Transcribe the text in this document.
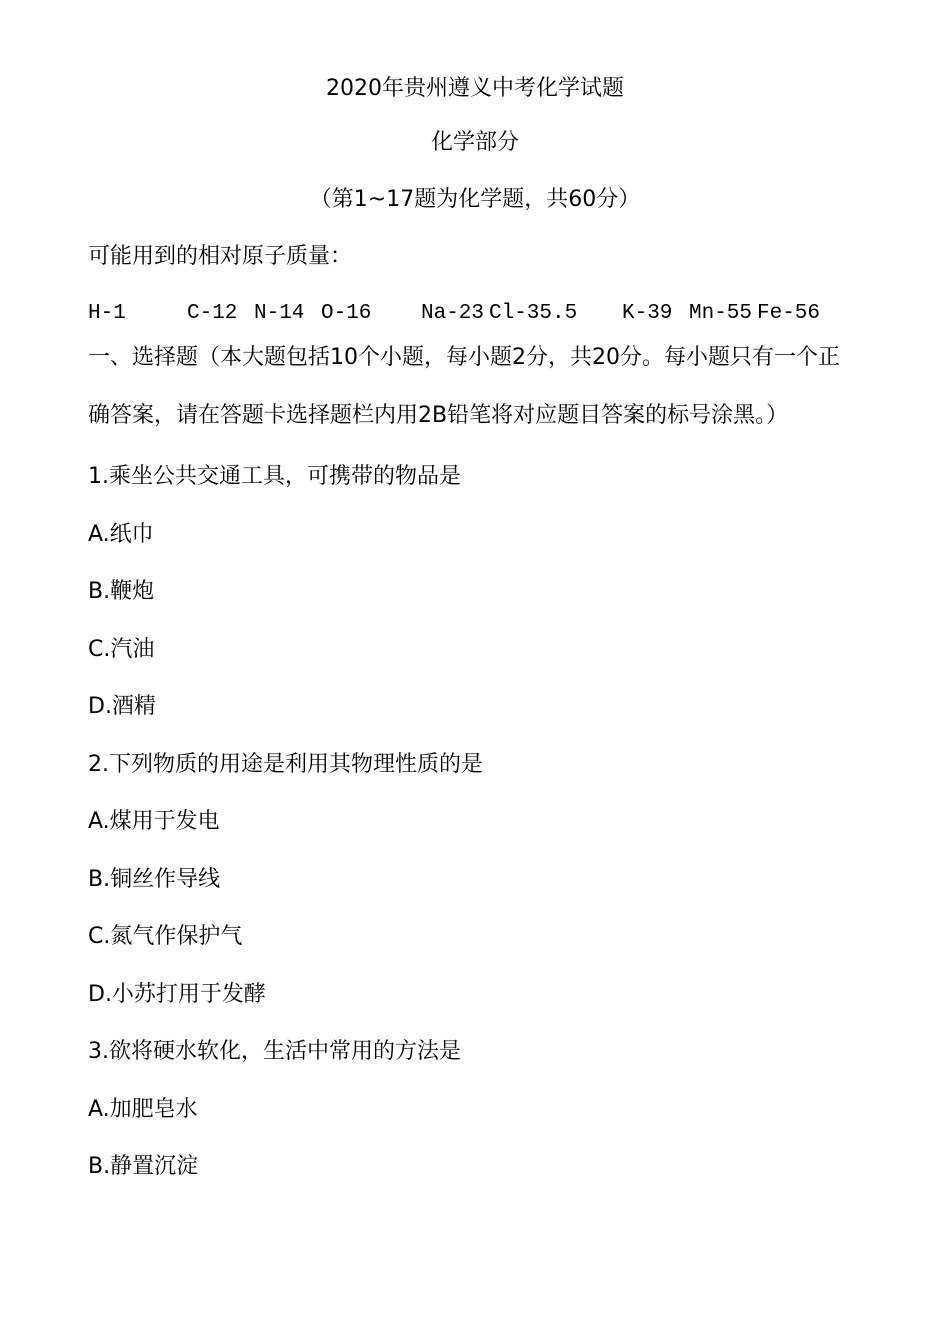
2020年贵州遵义中考化学试题
化学部分
（第1~17题为化学题，共60分）
可能用到的相对原子质量：
H-1	C-12 N-14 O-16 Na-23 Cl-35.5 K-39 Mn-55 Fe-56
一、选择题（本大题包括10个小题，每小题2分，共20分。每小题只有一个正
确答案，请在答题卡选择题栏内用2B铅笔将对应题目答案的标号涂黑。）
1.乘坐公共交通工具，可携带的物品是
A.纸巾
B.鞭炮
C.汽油
D.酒精
2.下列物质的用途是利用其物理性质的是
A.煤用于发电
B.铜丝作导线
C.氮气作保护气
D.小苏打用于发酵
3.欲将硬水软化，生活中常用的方法是
A.加肥皂水
B.静置沉淀
